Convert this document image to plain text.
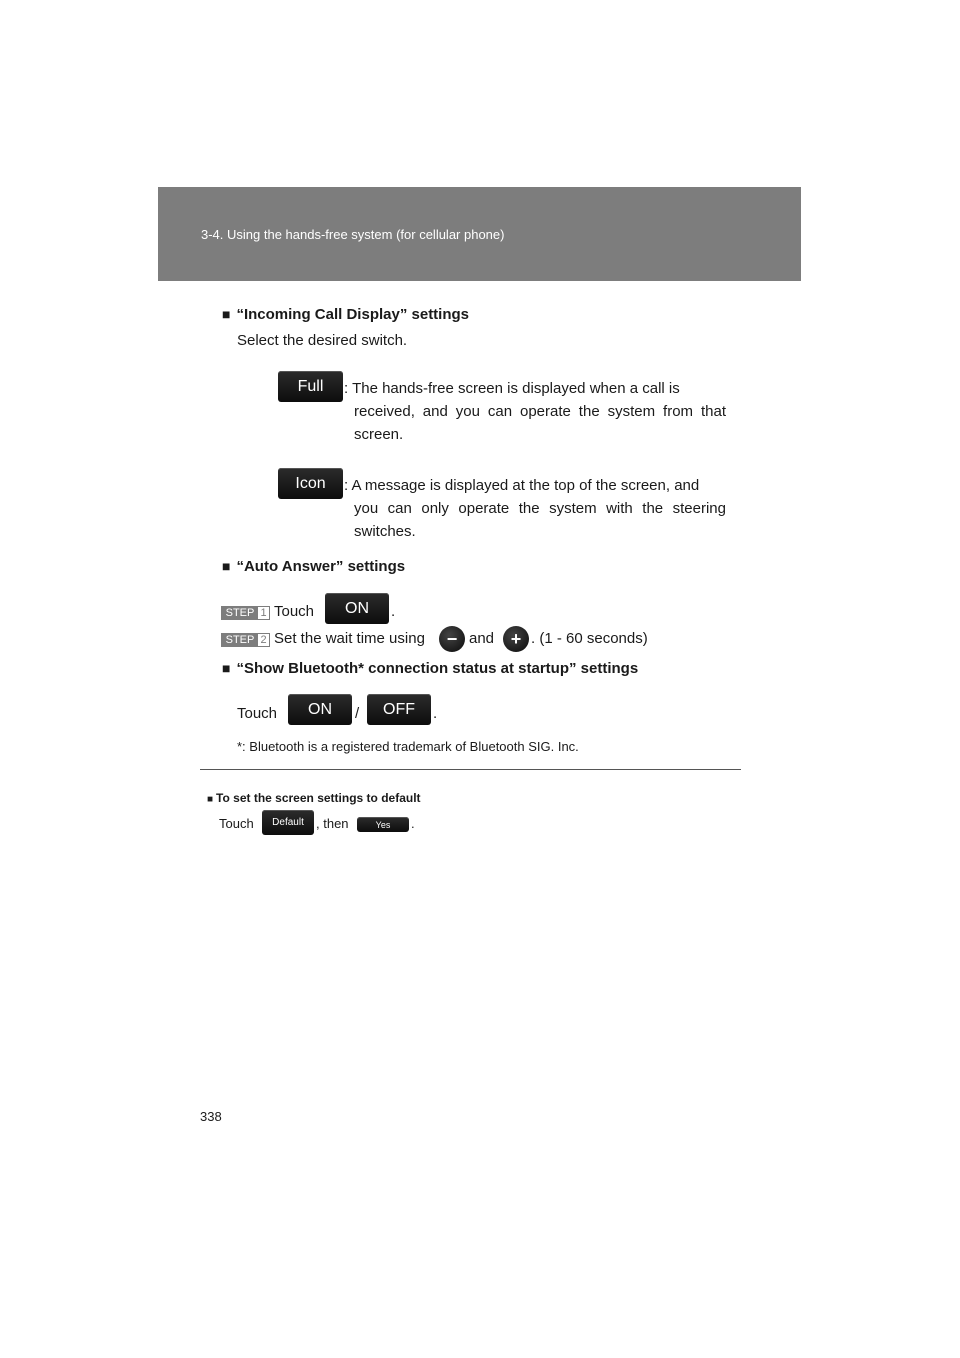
3-4. Using the hands-free system (for cellular phone)
■ “Incoming Call Display” settings
Select the desired switch.
Full	: The hands-free screen is displayed when a call is
received, and you can operate the system from that screen.
Icon	: A message is displayed at the top of the screen, and
you can only operate the system with the steering switches.
■ “Auto Answer” settings
STEP 1 Touch	ON	.
STEP 2 Set the wait time using	− and + . (1 - 60 seconds)
■ “Show Bluetooth* connection status at startup” settings
Touch	ON	/	OFF	.
*: Bluetooth is a registered trademark of Bluetooth SIG. Inc.
■ To set the screen settings to default
Touch	Default , then	Yes	.
338
